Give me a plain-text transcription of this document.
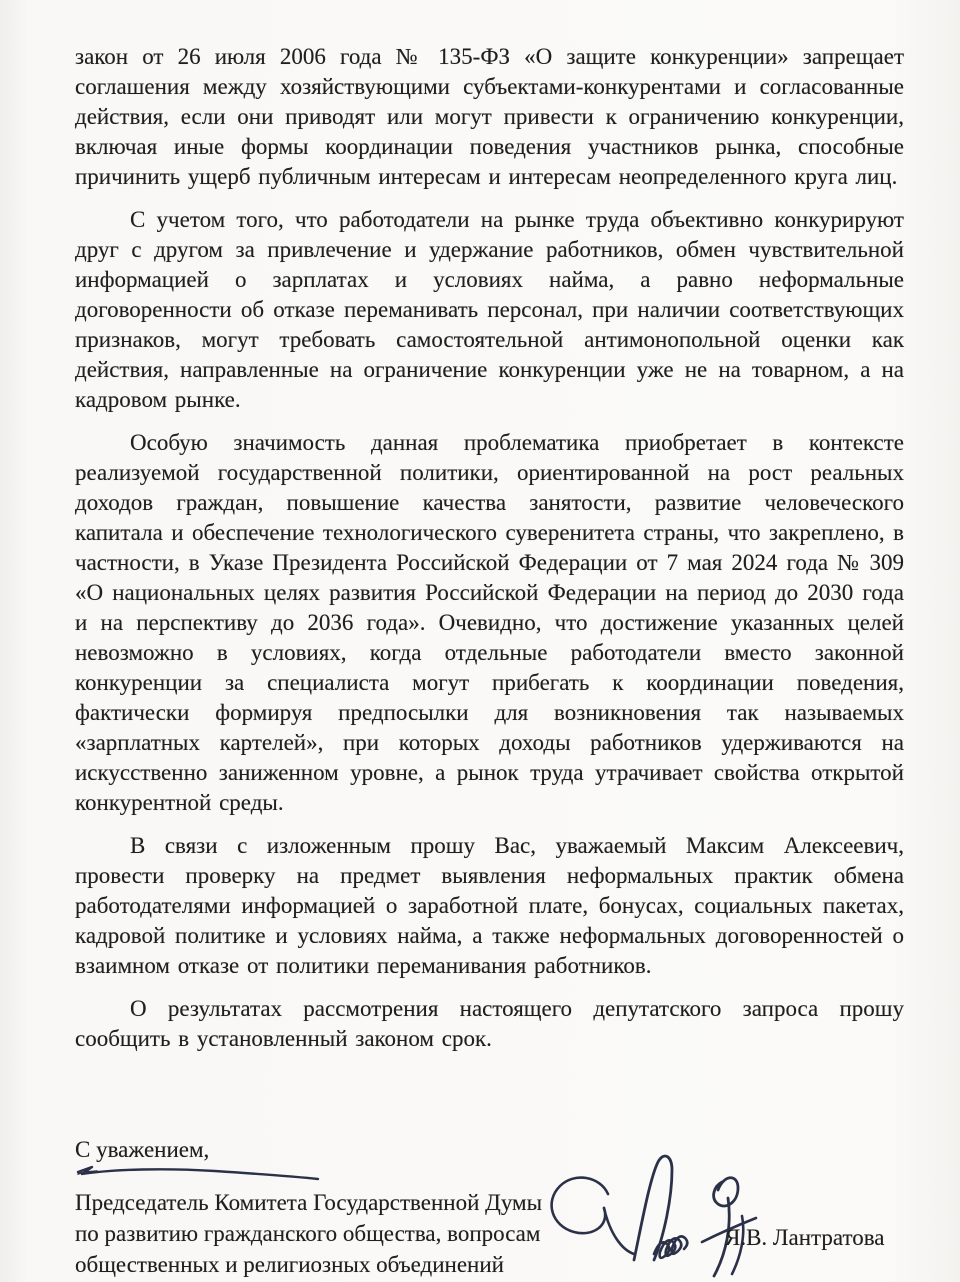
закон от 26 июля 2006 года № 135-ФЗ «О защите конкуренции» запрещает соглашения между хозяйствующими субъектами-конкурентами и согласованные действия, если они приводят или могут привести к ограничению конкуренции, включая иные формы координации поведения участников рынка, способные причинить ущерб публичным интересам и интересам неопределенного круга лиц.

С учетом того, что работодатели на рынке труда объективно конкурируют друг с другом за привлечение и удержание работников, обмен чувствительной информацией о зарплатах и условиях найма, а равно неформальные договоренности об отказе переманивать персонал, при наличии соответствующих признаков, могут требовать самостоятельной антимонопольной оценки как действия, направленные на ограничение конкуренции уже не на товарном, а на кадровом рынке.

Особую значимость данная проблематика приобретает в контексте реализуемой государственной политики, ориентированной на рост реальных доходов граждан, повышение качества занятости, развитие человеческого капитала и обеспечение технологического суверенитета страны, что закреплено, в частности, в Указе Президента Российской Федерации от 7 мая 2024 года № 309 «О национальных целях развития Российской Федерации на период до 2030 года и на перспективу до 2036 года». Очевидно, что достижение указанных целей невозможно в условиях, когда отдельные работодатели вместо законной конкуренции за специалиста могут прибегать к координации поведения, фактически формируя предпосылки для возникновения так называемых «зарплатных картелей», при которых доходы работников удерживаются на искусственно заниженном уровне, а рынок труда утрачивает свойства открытой конкурентной среды.

В связи с изложенным прошу Вас, уважаемый Максим Алексеевич, провести проверку на предмет выявления неформальных практик обмена работодателями информацией о заработной плате, бонусах, социальных пакетах, кадровой политике и условиях найма, а также неформальных договоренностей о взаимном отказе от политики переманивания работников.

О результатах рассмотрения настоящего депутатского запроса прошу сообщить в установленный законом срок.

С уважением,

Председатель Комитета Государственной Думы
по развитию гражданского общества, вопросам
общественных и религиозных объединений
Я.В. Лантратова
